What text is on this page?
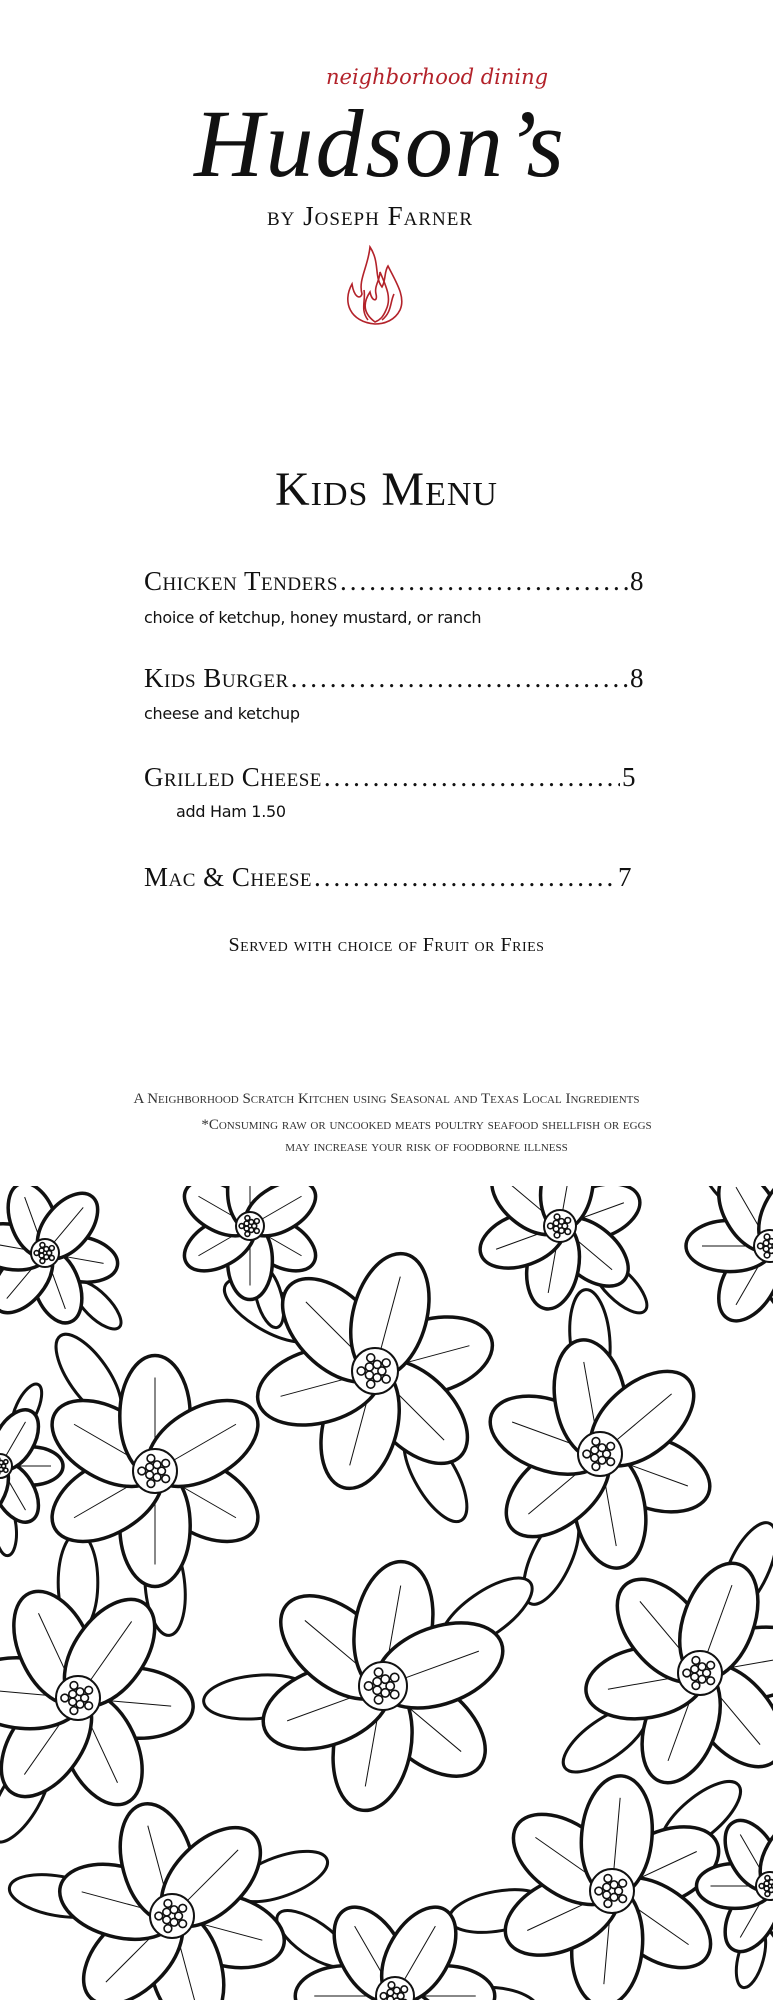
neighborhood dining
Hudson’s
by Joseph Farner
Kids Menu
Chicken Tenders .....	8
choice of ketchup, honey mustard, or ranch
Kids Burger .....	8
cheese and ketchup
Grilled Cheese .....	5
add Ham 1.50
Mac & Cheese .....	7
Served with choice of Fruit or Fries
A Neighborhood Scratch Kitchen using Seasonal and Texas Local Ingredients
*Consuming raw or uncooked meats poultry seafood shellfish or eggs
may increase your risk of foodborne illness
